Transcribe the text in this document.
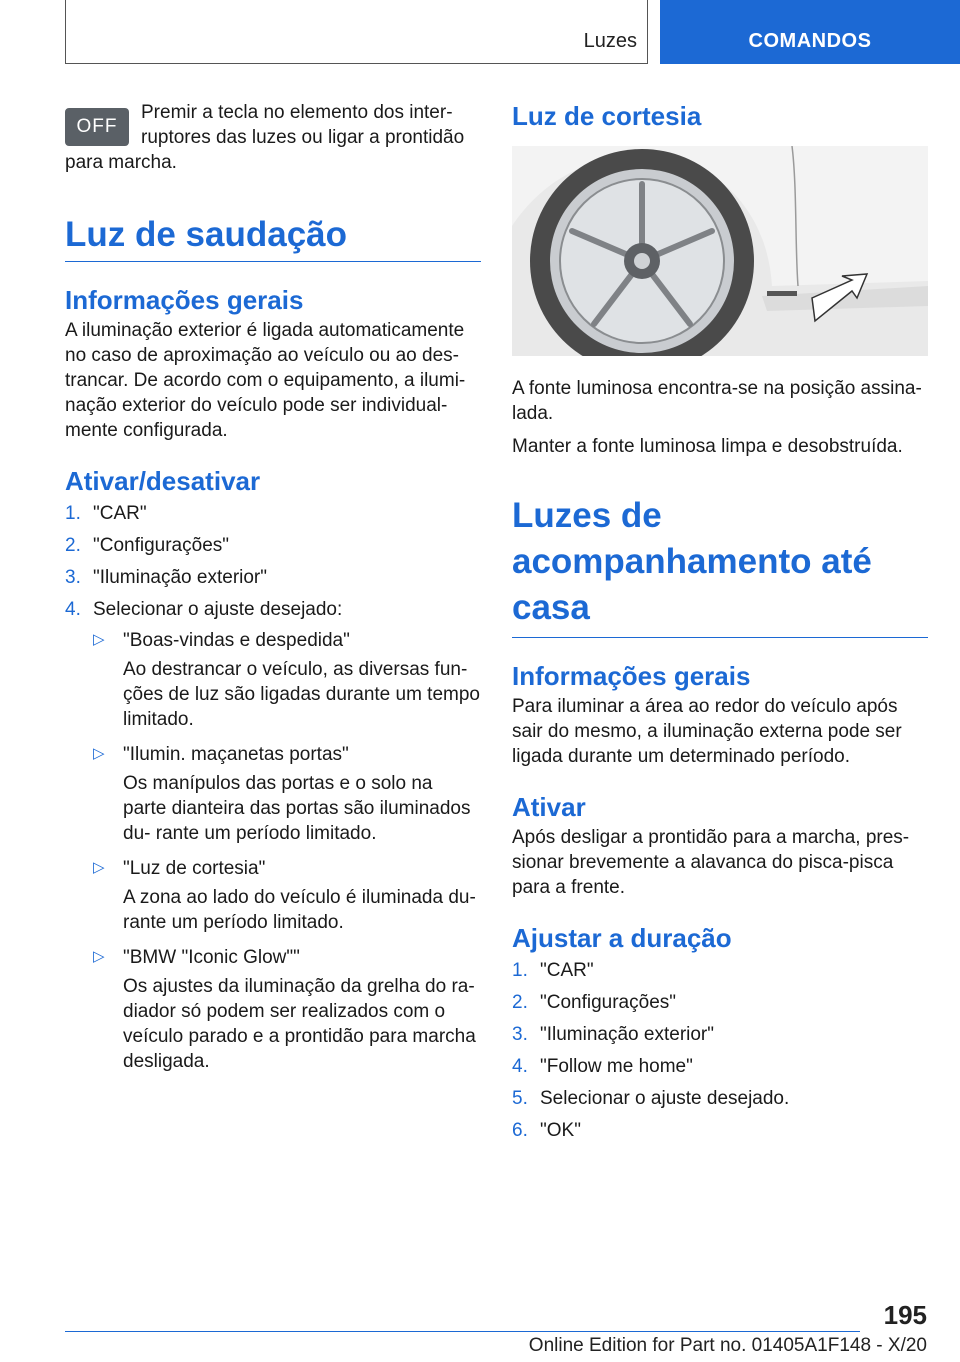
Luzes	COMANDOS
OFF

Premir a tecla no elemento dos inter- ruptores das luzes ou ligar a prontidão para marcha.

Luz de saudação
Informações gerais

A iluminação exterior é ligada automaticamente no caso de aproximação ao veículo ou ao des- trancar. De acordo com o equipamento, a ilumi- nação exterior do veículo pode ser individual- mente configurada.

Ativar/desativar
1. "CAR"
2. "Configurações"
3. "Iluminação exterior"
4. Selecionar o ajuste desejado:
▷ "Boas-vindas e despedida"
Ao destrancar o veículo, as diversas fun- ções de luz são ligadas durante um tempo limitado.
▷ "Ilumin. maçanetas portas"
Os manípulos das portas e o solo na parte dianteira das portas são iluminados du- rante um período limitado.
▷ "Luz de cortesia"
A zona ao lado do veículo é iluminada du- rante um período limitado.
▷ "BMW "Iconic Glow""
Os ajustes da iluminação da grelha do ra- diador só podem ser realizados com o veículo parado e a prontidão para marcha desligada.
Luz de cortesia

A fonte luminosa encontra-se na posição assina- lada.

Manter a fonte luminosa limpa e desobstruída.

Luzes de acompanhamento até casa
Informações gerais

Para iluminar a área ao redor do veículo após sair do mesmo, a iluminação externa pode ser ligada durante um determinado período.

Ativar

Após desligar a prontidão para a marcha, pres- sionar brevemente a alavanca do pisca-pisca para a frente.

Ajustar a duração
1. "CAR"
2. "Configurações"
3. "Iluminação exterior"
4. "Follow me home"
5. Selecionar o ajuste desejado.
6. "OK"
195
Online Edition for Part no. 01405A1F148 - X/20
